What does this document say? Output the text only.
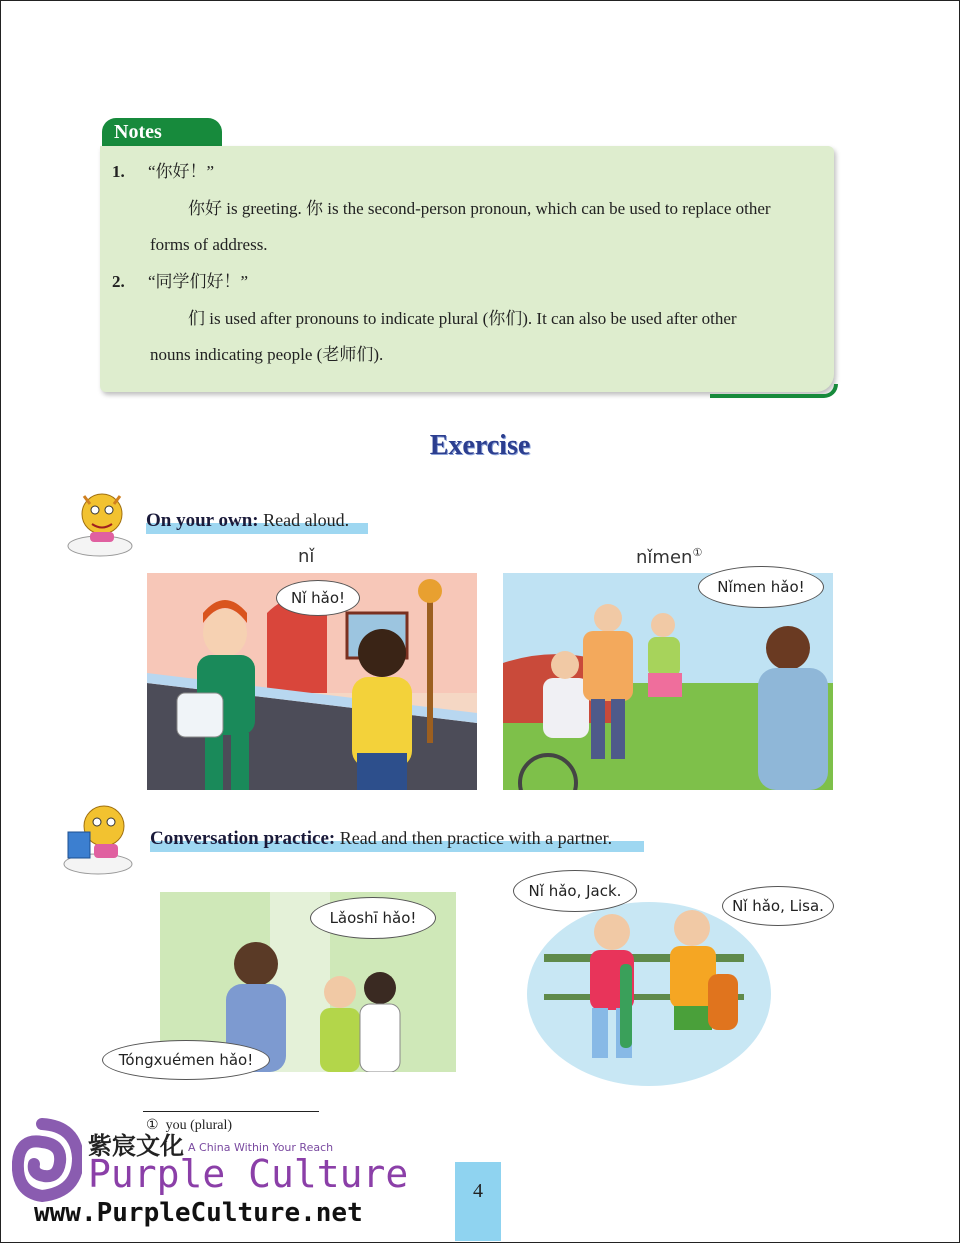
Notes
1. “你好！”
你好 is greeting. 你 is the second-person pronoun, which can be used to replace other
forms of address.
2. “同学们好！”
们 is used after pronouns to indicate plural (你们). It can also be used after other
nouns indicating people (老师们).
Exercise
On your own: Read aloud.
nǐ	nǐmen①
Nǐ hǎo!
Nǐmen hǎo!
Conversation practice: Read and then practice with a partner.
Lǎoshī hǎo!
Tóngxuémen hǎo!
Nǐ hǎo, Jack.
Nǐ hǎo, Lisa.
① you (plural)
4
紫宸文化 A China Within Your Reach
Purple Culture
www.PurpleCulture.net
